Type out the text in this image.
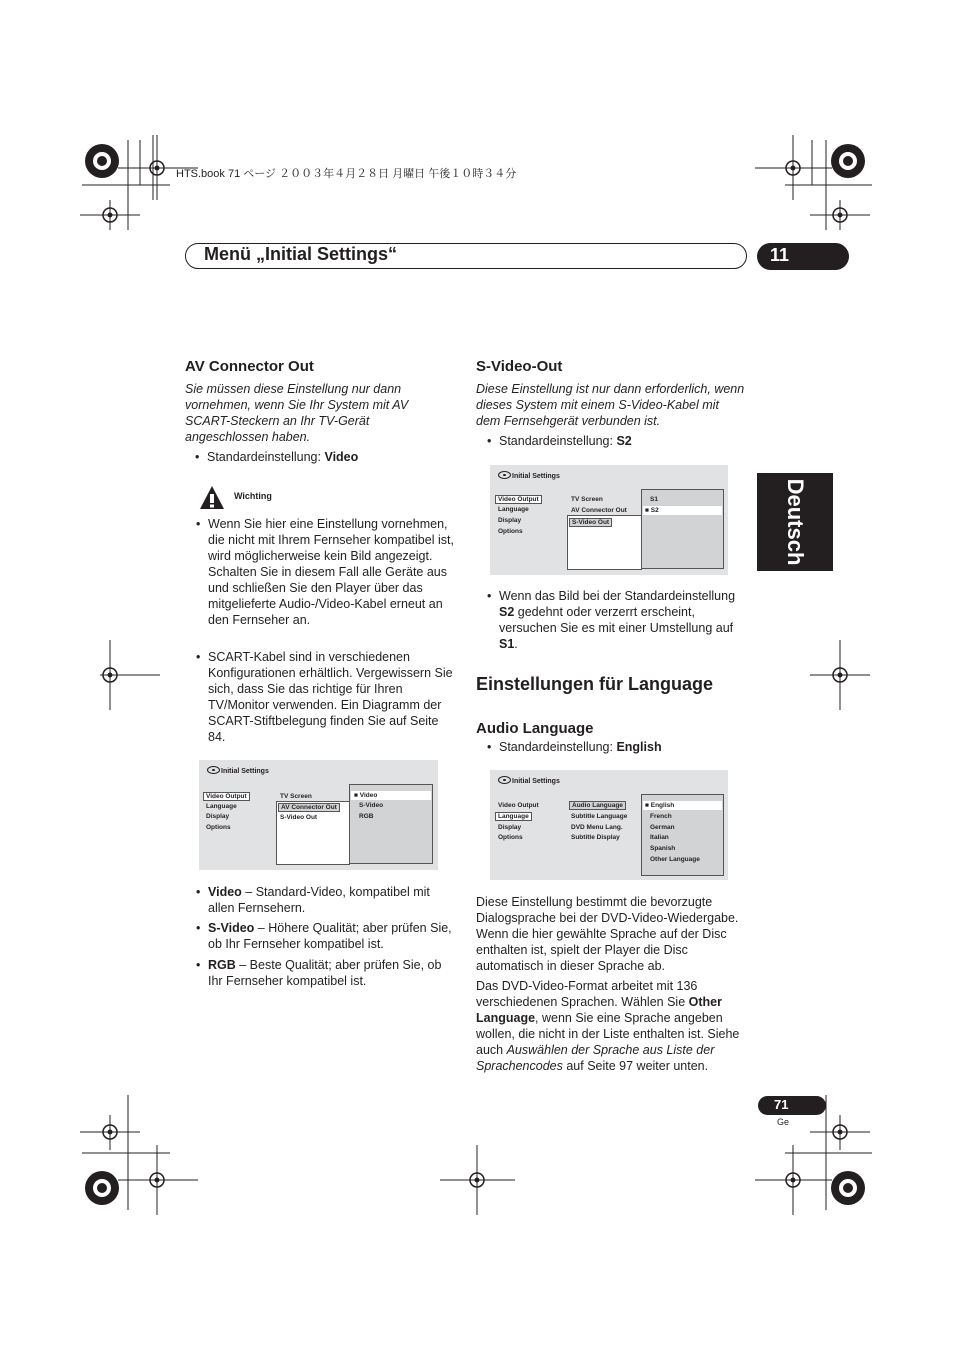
HTS.book 71 ページ ２００３年４月２８日 月曜日 午後１０時３４分
Menü „Initial Settings“	11
Deutsch
AV Connector Out
Sie müssen diese Einstellung nur dann vornehmen, wenn Sie Ihr System mit AV SCART-Steckern an Ihr TV-Gerät angeschlossen haben.
• Standardeinstellung: Video
Wichting
• Wenn Sie hier eine Einstellung vornehmen, die nicht mit Ihrem Fernseher kompatibel ist, wird möglicherweise kein Bild angezeigt. Schalten Sie in diesem Fall alle Geräte aus und schließen Sie den Player über das mitgelieferte Audio-/Video-Kabel erneut an den Fernseher an.
• SCART-Kabel sind in verschiedenen Konfigurationen erhältlich. Vergewissern Sie sich, dass Sie das richtige für Ihren TV/Monitor verwenden. Ein Diagramm der SCART-Stiftbelegung finden Sie auf Seite 84.
Initial Settings
Video Output
Language
Display
Options
TV Screen
AV Connector Out
S-Video Out
■ Video
S-Video
RGB
• Video – Standard-Video, kompatibel mit allen Fernsehern.
• S-Video – Höhere Qualität; aber prüfen Sie, ob Ihr Fernseher kompatibel ist.
• RGB – Beste Qualität; aber prüfen Sie, ob Ihr Fernseher kompatibel ist.
S-Video-Out
Diese Einstellung ist nur dann erforderlich, wenn dieses System mit einem S-Video-Kabel mit dem Fernsehgerät verbunden ist.
• Standardeinstellung: S2
Initial Settings
Video Output
Language
Display
Options
TV Screen
AV Connector Out
S-Video Out
S1
■ S2
• Wenn das Bild bei der Standardeinstellung S2 gedehnt oder verzerrt erscheint, versuchen Sie es mit einer Umstellung auf S1.
Einstellungen für Language
Audio Language
• Standardeinstellung: English
Initial Settings
Video Output
Language
Display
Options
Audio Language
Subtitle Language
DVD Menu Lang.
Subtitle Display
■ English
French
German
Italian
Spanish
Other Language
Diese Einstellung bestimmt die bevorzugte Dialogsprache bei der DVD-Video-Wiedergabe. Wenn die hier gewählte Sprache auf der Disc enthalten ist, spielt der Player die Disc automatisch in dieser Sprache ab.
Das DVD-Video-Format arbeitet mit 136 verschiedenen Sprachen. Wählen Sie Other Language, wenn Sie eine Sprache angeben wollen, die nicht in der Liste enthalten ist. Siehe auch Auswählen der Sprache aus Liste der Sprachencodes auf Seite 97 weiter unten.
71
Ge
